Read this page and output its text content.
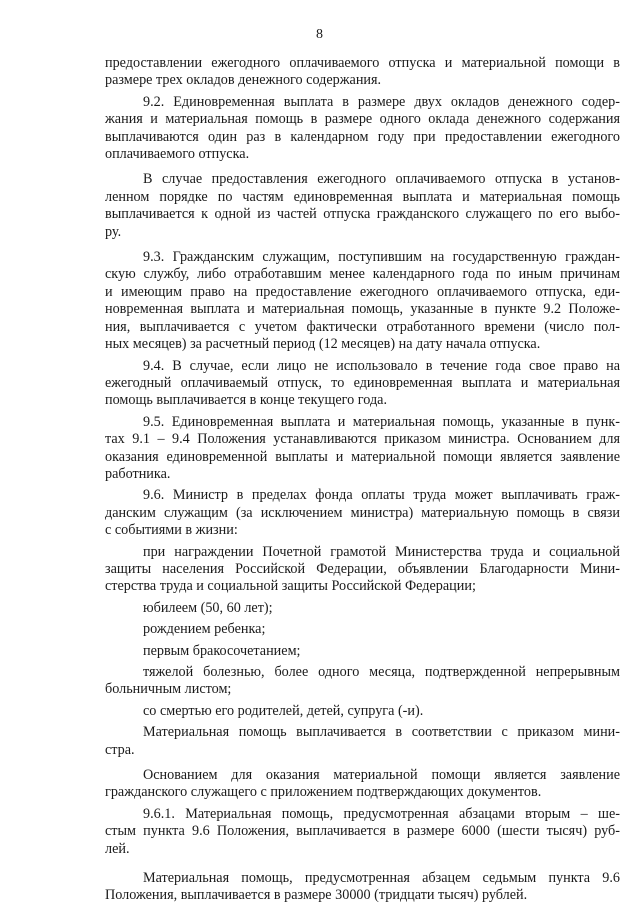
8
предоставлении ежегодного оплачиваемого отпуска и материальной помощи в
размере трех окладов денежного содержания.
9.2. Единовременная выплата в размере двух окладов денежного содер-
жания и материальная помощь в размере одного оклада денежного содержания
выплачиваются один раз в календарном году при предоставлении ежегодного
оплачиваемого отпуска.
В случае предоставления ежегодного оплачиваемого отпуска в установ-
ленном порядке по частям единовременная выплата и материальная помощь
выплачивается к одной из частей отпуска гражданского служащего по его выбо-
ру.
9.3. Гражданским служащим, поступившим на государственную граждан-
скую службу, либо отработавшим менее календарного года по иным причинам
и имеющим право на предоставление ежегодного оплачиваемого отпуска, еди-
новременная выплата и материальная помощь, указанные в пункте 9.2 Положе-
ния, выплачивается с учетом фактически отработанного времени (число пол-
ных месяцев) за расчетный период (12 месяцев) на дату начала отпуска.
9.4. В случае, если лицо не использовало в течение года свое право на
ежегодный оплачиваемый отпуск, то единовременная выплата и материальная
помощь выплачивается в конце текущего года.
9.5. Единовременная выплата и материальная помощь, указанные в пунк-
тах 9.1 – 9.4 Положения устанавливаются приказом министра. Основанием для
оказания единовременной выплаты и материальной помощи является заявление
работника.
9.6. Министр в пределах фонда оплаты труда может выплачивать граж-
данским служащим (за исключением министра) материальную помощь в связи
с событиями в жизни:
при награждении Почетной грамотой Министерства труда и социальной
защиты населения Российской Федерации, объявлении Благодарности Мини-
стерства труда и социальной защиты Российской Федерации;
юбилеем (50, 60 лет);
рождением ребенка;
первым бракосочетанием;
тяжелой болезнью, более одного месяца, подтвержденной непрерывным
больничным листом;
со смертью его родителей, детей, супруга (-и).
Материальная помощь выплачивается в соответствии с приказом мини-
стра.
Основанием для оказания материальной помощи является заявление
гражданского служащего с приложением подтверждающих документов.
9.6.1. Материальная помощь, предусмотренная абзацами вторым – ше-
стым пункта 9.6 Положения, выплачивается в размере 6000 (шести тысяч) руб-
лей.
Материальная помощь, предусмотренная абзацем седьмым пункта 9.6
Положения, выплачивается в размере 30000 (тридцати тысяч) рублей.
